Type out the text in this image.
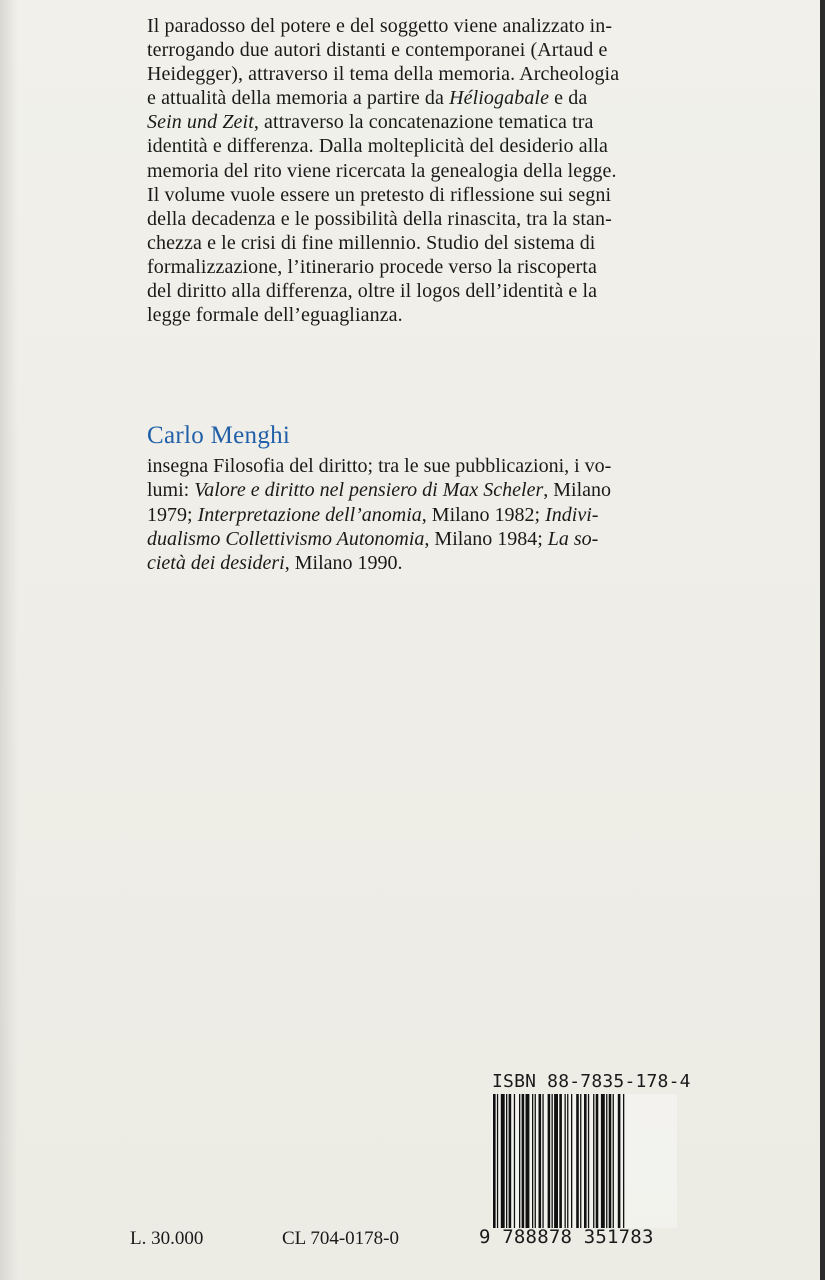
Il paradosso del potere e del soggetto viene analizzato in-

terrogando due autori distanti e contemporanei (Artaud e

Heidegger), attraverso il tema della memoria. Archeologia

e attualità della memoria a partire da Héliogabale e da

Sein und Zeit, attraverso la concatenazione tematica tra

identità e differenza. Dalla molteplicità del desiderio alla

memoria del rito viene ricercata la genealogia della legge.

Il volume vuole essere un pretesto di riflessione sui segni

della decadenza e le possibilità della rinascita, tra la stan-

chezza e le crisi di fine millennio. Studio del sistema di

formalizzazione, l’itinerario procede verso la riscoperta

del diritto alla differenza, oltre il logos dell’identità e la

legge formale dell’eguaglianza.

Carlo Menghi

insegna Filosofia del diritto; tra le sue pubblicazioni, i vo-

lumi: Valore e diritto nel pensiero di Max Scheler, Milano

1979; Interpretazione dell’anomia, Milano 1982; Indivi-

dualismo Collettivismo Autonomia, Milano 1984; La so-

cietà dei desideri, Milano 1990.

ISBN 88-7835-178-4
9 788878 351783
L. 30.000	CL 704-0178-0
